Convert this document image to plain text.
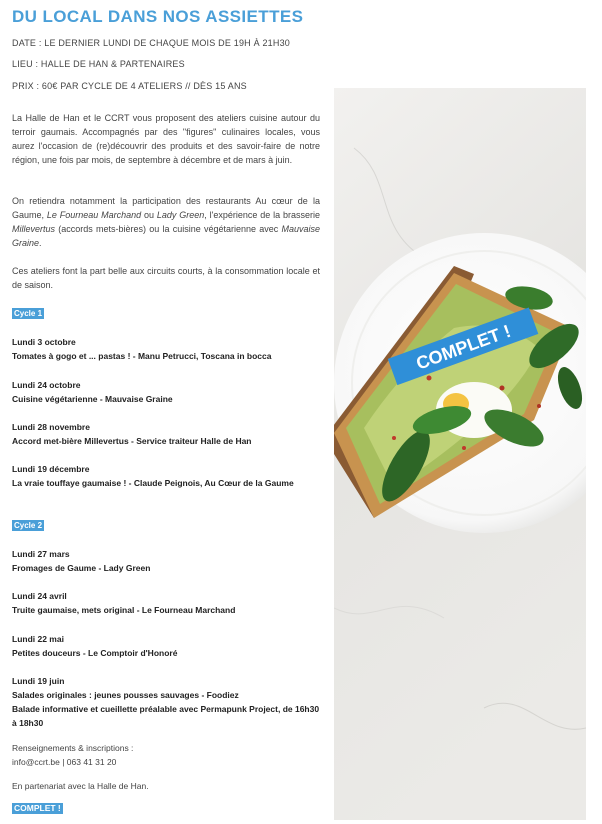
DU LOCAL DANS NOS ASSIETTES
DATE : LE DERNIER LUNDI DE CHAQUE MOIS DE 19H À 21H30
LIEU : HALLE DE HAN & PARTENAIRES
PRIX : 60€ PAR CYCLE DE 4 ATELIERS // DÈS 15 ANS
La Halle de Han et le CCRT vous proposent des ateliers cuisine autour du terroir gaumais. Accompagnés par des "figures" culinaires locales, vous aurez l'occasion de (re)découvrir des produits et des savoir-faire de notre région, une fois par mois, de septembre à décembre et de mars à juin.
On retiendra notamment la participation des restaurants Au cœur de la Gaume, Le Fourneau Marchand ou Lady Green, l'expérience de la brasserie Millevertus (accords mets-bières) ou la cuisine végétarienne avec Mauvaise Graine.
Ces ateliers font la part belle aux circuits courts, à la consommation locale et de saison.
Cycle 1
Lundi 3 octobre
Tomates à gogo et ... pastas ! - Manu Petrucci, Toscana in bocca
Lundi 24 octobre
Cuisine végétarienne - Mauvaise Graine
Lundi 28 novembre
Accord met-bière Millevertus - Service traiteur Halle de Han
Lundi 19 décembre
La vraie touffaye gaumaise ! - Claude Peignois, Au Cœur de la Gaume
Cycle 2
Lundi 27 mars
Fromages de Gaume - Lady Green
Lundi 24 avril
Truite gaumaise, mets original - Le Fourneau Marchand
Lundi 22 mai
Petites douceurs - Le Comptoir d'Honoré
Lundi 19 juin
Salades originales : jeunes pousses sauvages - Foodiez
Balade informative et cueillette préalable avec Permapunk Project, de 16h30 à 18h30
Renseignements & inscriptions :
info@ccrt.be | 063 41 31 20
En partenariat avec la Halle de Han.
COMPLET !
COMPLET !
